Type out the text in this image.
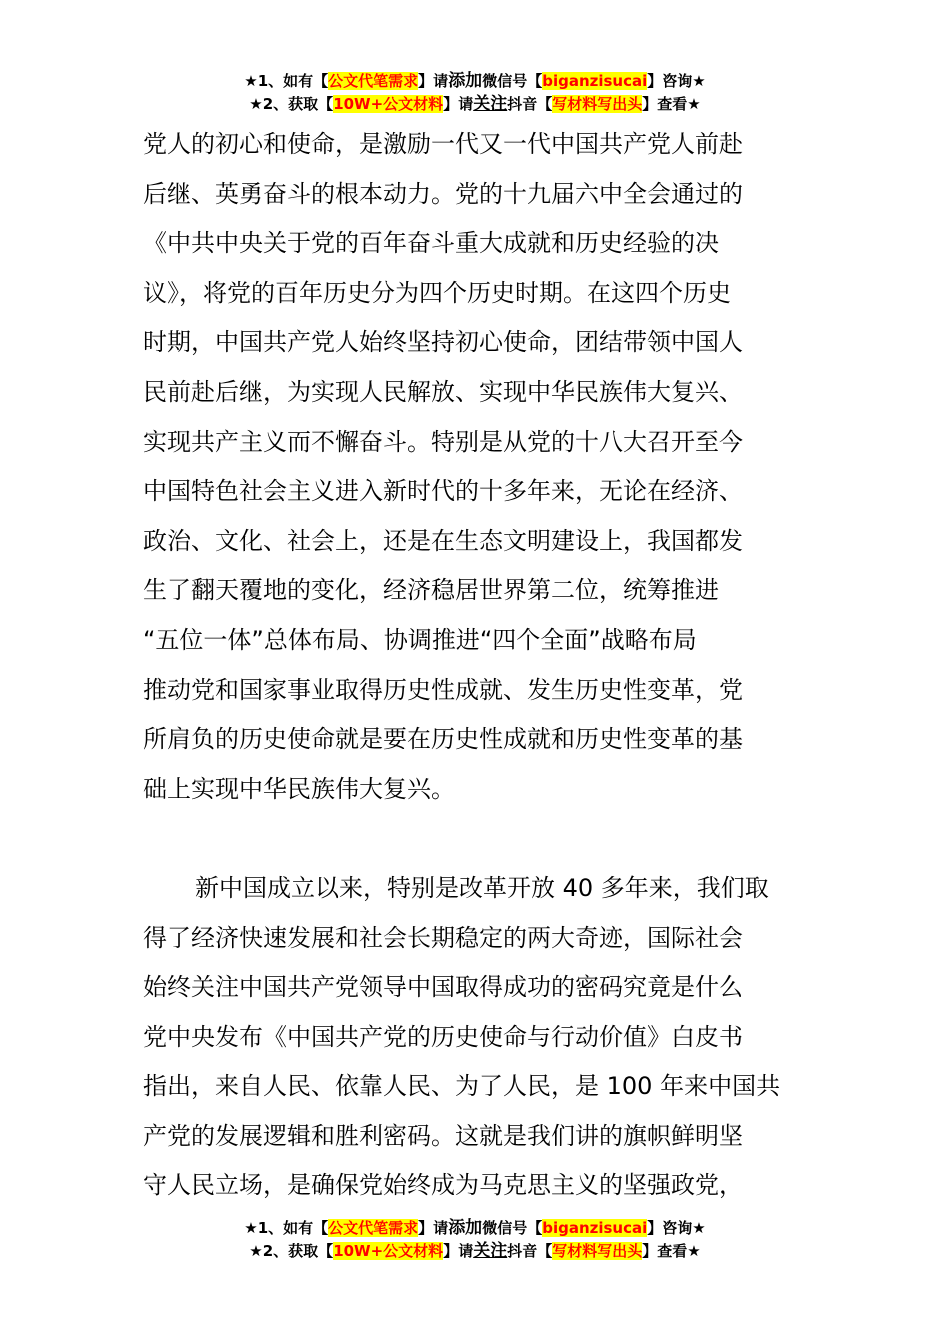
★1、如有【公文代笔需求】请添加微信号【biganzisucai】咨询★
★2、获取【10W+公文材料】请关注抖音【写材料写出头】查看★
党人的初心和使命，是激励一代又一代中国共产党人前赴
后继、英勇奋斗的根本动力。党的十九届六中全会通过的
《中共中央关于党的百年奋斗重大成就和历史经验的决
议》，将党的百年历史分为四个历史时期。在这四个历史
时期，中国共产党人始终坚持初心使命，团结带领中国人
民前赴后继，为实现人民解放、实现中华民族伟大复兴、
实现共产主义而不懈奋斗。特别是从党的十八大召开至今
中国特色社会主义进入新时代的十多年来，无论在经济、
政治、文化、社会上，还是在生态文明建设上，我国都发
生了翻天覆地的变化，经济稳居世界第二位，统筹推进
“五位一体”总体布局、协调推进“四个全面”战略布局
推动党和国家事业取得历史性成就、发生历史性变革，党
所肩负的历史使命就是要在历史性成就和历史性变革的基
础上实现中华民族伟大复兴。
新中国成立以来，特别是改革开放 40 多年来，我们取
得了经济快速发展和社会长期稳定的两大奇迹，国际社会
始终关注中国共产党领导中国取得成功的密码究竟是什么
党中央发布《中国共产党的历史使命与行动价值》白皮书
指出，来自人民、依靠人民、为了人民，是 100 年来中国共
产党的发展逻辑和胜利密码。这就是我们讲的旗帜鲜明坚
守人民立场，是确保党始终成为马克思主义的坚强政党，
★1、如有【公文代笔需求】请添加微信号【biganzisucai】咨询★
★2、获取【10W+公文材料】请关注抖音【写材料写出头】查看★
